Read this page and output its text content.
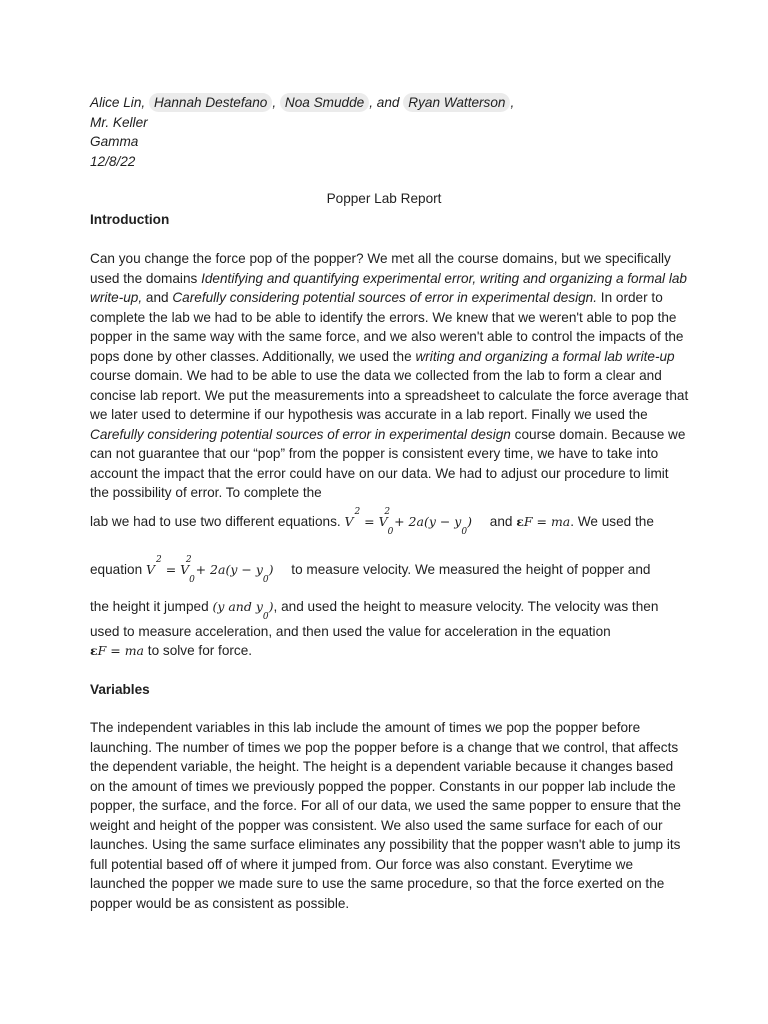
Alice Lin, Hannah Destefano , Noa Smudde , and Ryan Watterson ,
Mr. Keller
Gamma
12/8/22
Popper Lab Report
Introduction
Can you change the force pop of the popper? We met all the course domains, but we specifically used the domains Identifying and quantifying experimental error, writing and organizing a formal lab write-up, and Carefully considering potential sources of error in experimental design. In order to complete the lab we had to be able to identify the errors. We knew that we weren't able to pop the popper in the same way with the same force, and we also weren't able to control the impacts of the pops done by other classes. Additionally, we used the writing and organizing a formal lab write-up course domain. We had to be able to use the data we collected from the lab to form a clear and concise lab report. We put the measurements into a spreadsheet to calculate the force average that we later used to determine if our hypothesis was accurate in a lab report. Finally we used the Carefully considering potential sources of error in experimental design course domain. Because we can not guarantee that our “pop” from the popper is consistent every time, we have to take into account the impact that the error could have on our data. We had to adjust our procedure to limit the possibility of error. To complete the
lab we had to use two different equations. $V^2 = V_0^2 + 2a(y - y_0)$ and εF = ma. We used the
equation $V^2 = V_0^2 + 2a(y - y_0)$ to measure velocity. We measured the height of popper and
the height it jumped (y and $y_0$), and used the height to measure velocity. The velocity was then
used to measure acceleration, and then used the value for acceleration in the equation
εF = ma to solve for force.
Variables
The independent variables in this lab include the amount of times we pop the popper before launching. The number of times we pop the popper before is a change that we control, that affects the dependent variable, the height. The height is a dependent variable because it changes based on the amount of times we previously popped the popper. Constants in our popper lab include the popper, the surface, and the force. For all of our data, we used the same popper to ensure that the weight and height of the popper was consistent. We also used the same surface for each of our launches. Using the same surface eliminates any possibility that the popper wasn't able to jump its full potential based off of where it jumped from. Our force was also constant. Everytime we launched the popper we made sure to use the same procedure, so that the force exerted on the popper would be as consistent as possible.
